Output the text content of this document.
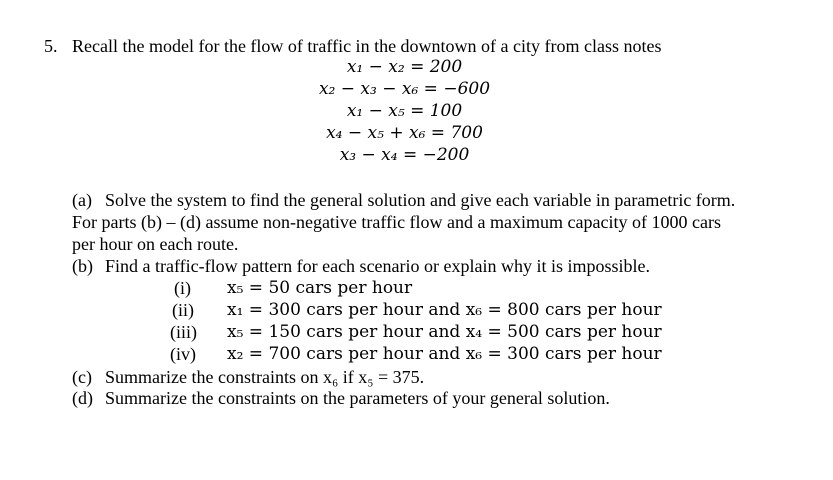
5. Recall the model for the flow of traffic in the downtown of a city from class notes
x₁ − x₂ = 200
x₂ − x₃ − x₆ = −600
x₁ − x₅ = 100
x₄ − x₅ + x₆ = 700
x₃ − x₄ = −200
(a) Solve the system to find the general solution and give each variable in parametric form.
For parts (b) – (d) assume non-negative traffic flow and a maximum capacity of 1000 cars
per hour on each route.
(b) Find a traffic-flow pattern for each scenario or explain why it is impossible.
(i)	x₅ = 50 cars per hour
(ii)	x₁ = 300 cars per hour and x₆ = 800 cars per hour
(iii)	x₅ = 150 cars per hour and x₄ = 500 cars per hour
(iv)	x₂ = 700 cars per hour and x₆ = 300 cars per hour
(c) Summarize the constraints on x₆ if x₅ = 375.
(d) Summarize the constraints on the parameters of your general solution.
